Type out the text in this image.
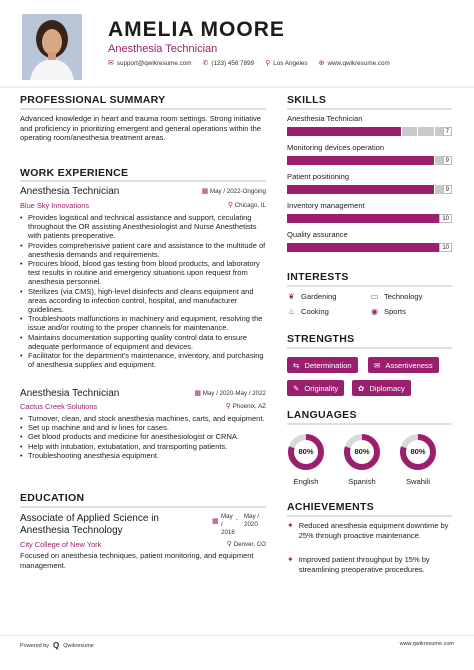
AMELIA MOORE
Anesthesia Technician
✉ support@qwikresume.com ✆ (123) 456 7899 ⚲ Los Angeles ⊕ www.qwikresume.com
PROFESSIONAL SUMMARY
Advanced knowledge in heart and trauma room settings. Strong initiative and proficiency in prioritizing emergent and general operations within the operating room/anesthesia treatment areas.
WORK EXPERIENCE
Anesthesia Technician	▦ May / 2022-Ongoing
Blue Sky Innovations	⚲ Chicago, IL
• Provides logistical and technical assistance and support, circulating throughout the OR assisting Anesthesiologist and Nurse Anesthetists with patients preoperative.
• Provides comprehensive patient care and assistance to the multitude of anesthesia demands and requirements.
• Procures blood, blood gas testing from blood products, and laboratory test results in routine and emergency situations upon request from anesthesia personnel.
• Sterilizes (via CMS), high-level disinfects and cleans equipment and areas according to infection control, hospital, and manufacturer guidelines.
• Troubleshoots malfunctions in machinery and equipment, resolving the issue and/or routing to the proper channels for maintenance.
• Maintains documentation supporting quality control data to ensure adequate performance of equipment and devices.
• Facilitator for the department's maintenance, inventory, and purchasing of anesthesia supplies and equipment.
Anesthesia Technician	▦ May / 2020-May / 2022
Cactus Creek Solutions	⚲ Phoenix, AZ
• Turnover, clean, and stock anesthesia machines, carts, and equipment.
• Set up machine and and iv lines for cases.
• Get blood products and medicine for anesthesiologist or CRNA.
• Help with intubation, extubatation, and transporting patients.
• Troubleshooting anesthesia equipment.
EDUCATION
Associate of Applied Science in Anesthesia Technology
▦
May / 2018
- May / 2020
City College of New York	⚲ Denver, CO
Focused on anesthesia techniques, patient monitoring, and equipment management.
SKILLS
Anesthesia Technician
7
Monitoring devices operation
9
Patient positioning
9
Inventory management
10
Quality assurance
10
INTERESTS
❦ Gardening	▭ Technology
♨ Cooking	◉ Sports
STRENGTHS
⇆ Determination	✉ Assertiveness
✎ Originality	✿ Diplomacy
LANGUAGES
80%
English
80%
Spanish
80%
Swahili
ACHIEVEMENTS
✦ Reduced anesthesia equipment downtime by 25% through proactive maintenance.
✦ Improved patient throughput by 15% by streamlining preoperative procedures.
Powered by Q Qwikresume	www.qwikresume.com
